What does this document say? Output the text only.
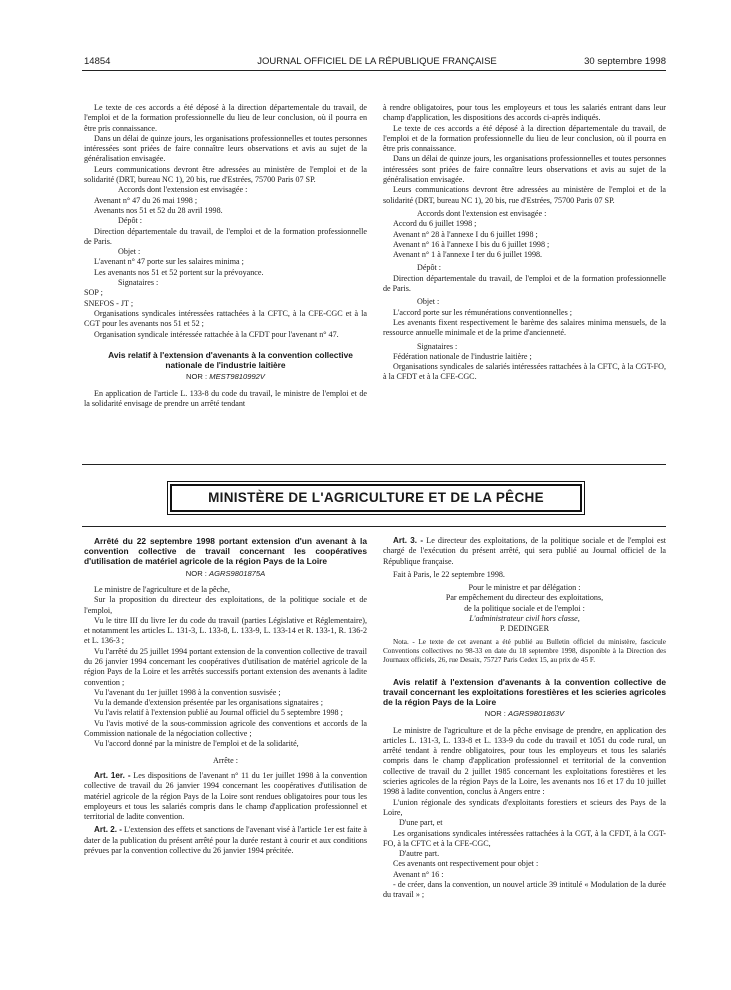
14854	JOURNAL OFFICIEL DE LA RÉPUBLIQUE FRANÇAISE	30 septembre 1998

Le texte de ces accords a été déposé à la direction départementale du travail, de l'emploi et de la formation professionnelle du lieu de leur conclusion, où il pourra en être pris connaissance.

Dans un délai de quinze jours, les organisations professionnelles et toutes personnes intéressées sont priées de faire connaître leurs observations et avis au sujet de la généralisation envisagée.

Leurs communications devront être adressées au ministère de l'emploi et de la solidarité (DRT, bureau NC 1), 20 bis, rue d'Estrées, 75700 Paris 07 SP.

Accords dont l'extension est envisagée :

Avenant n° 47 du 26 mai 1998 ;

Avenants nos 51 et 52 du 28 avril 1998.

Dépôt :

Direction départementale du travail, de l'emploi et de la formation professionnelle de Paris.

Objet :

L'avenant n° 47 porte sur les salaires minima ;

Les avenants nos 51 et 52 portent sur la prévoyance.

Signataires :

SOP ;

SNEFOS - JT ;

Organisations syndicales intéressées rattachées à la CFTC, à la CFE-CGC et à la CGT pour les avenants nos 51 et 52 ;

Organisation syndicale intéressée rattachée à la CFDT pour l'avenant n° 47.

Avis relatif à l'extension d'avenants à la convention collective nationale de l'industrie laitière

NOR : MESТ9810992V

En application de l'article L. 133-8 du code du travail, le ministre de l'emploi et de la solidarité envisage de prendre un arrêté tendant

à rendre obligatoires, pour tous les employeurs et tous les salariés entrant dans leur champ d'application, les dispositions des accords ci-après indiqués.

Le texte de ces accords a été déposé à la direction départementale du travail, de l'emploi et de la formation professionnelle du lieu de leur conclusion, où il pourra en être pris connaissance.

Dans un délai de quinze jours, les organisations professionnelles et toutes personnes intéressées sont priées de faire connaître leurs observations et avis au sujet de la généralisation envisagée.

Leurs communications devront être adressées au ministère de l'emploi et de la solidarité (DRT, bureau NC 1), 20 bis, rue d'Estrées, 75700 Paris 07 SP.

Accords dont l'extension est envisagée :

Accord du 6 juillet 1998 ;

Avenant n° 28 à l'annexe I du 6 juillet 1998 ;

Avenant n° 16 à l'annexe I bis du 6 juillet 1998 ;

Avenant n° 1 à l'annexe I ter du 6 juillet 1998.

Dépôt :

Direction départementale du travail, de l'emploi et de la formation professionnelle de Paris.

Objet :

L'accord porte sur les rémunérations conventionnelles ;

Les avenants fixent respectivement le barème des salaires minima mensuels, de la ressource annuelle minimale et de la prime d'ancienneté.

Signataires :

Fédération nationale de l'industrie laitière ;

Organisations syndicales de salariés intéressées rattachées à la CFTC, à la CGT-FO, à la CFDT et à la CFE-CGC.

MINISTÈRE DE L'AGRICULTURE ET DE LA PÊCHE

Arrêté du 22 septembre 1998 portant extension d'un avenant à la convention collective de travail concernant les coopératives d'utilisation de matériel agricole de la région Pays de la Loire

NOR : AGRS9801875A

Le ministre de l'agriculture et de la pêche,

Sur la proposition du directeur des exploitations, de la politique sociale et de l'emploi,

Vu le titre III du livre Ier du code du travail (parties Législative et Réglementaire), et notamment les articles L. 131-3, L. 133-8, L. 133-9, L. 133-14 et R. 133-1, R. 136-2 et L. 136-3 ;

Vu l'arrêté du 25 juillet 1994 portant extension de la convention collective de travail du 26 janvier 1994 concernant les coopératives d'utilisation de matériel agricole de la région Pays de la Loire et les arrêtés successifs portant extension des avenants à ladite convention ;

Vu l'avenant du 1er juillet 1998 à la convention susvisée ;

Vu la demande d'extension présentée par les organisations signataires ;

Vu l'avis relatif à l'extension publié au Journal officiel du 5 septembre 1998 ;

Vu l'avis motivé de la sous-commission agricole des conventions et accords de la Commission nationale de la négociation collective ;

Vu l'accord donné par la ministre de l'emploi et de la solidarité,

Arrête :

Art. 1er. - Les dispositions de l'avenant n° 11 du 1er juillet 1998 à la convention collective de travail du 26 janvier 1994 concernant les coopératives d'utilisation de matériel agricole de la région Pays de la Loire sont rendues obligatoires pour tous les employeurs et tous les salariés compris dans le champ d'application professionnel et territorial de ladite convention.

Art. 2. - L'extension des effets et sanctions de l'avenant visé à l'article 1er est faite à dater de la publication du présent arrêté pour la durée restant à courir et aux conditions prévues par la convention collective du 26 janvier 1994 précitée.

Art. 3. - Le directeur des exploitations, de la politique sociale et de l'emploi est chargé de l'exécution du présent arrêté, qui sera publié au Journal officiel de la République française.

Fait à Paris, le 22 septembre 1998.

Pour le ministre et par délégation :

Par empêchement du directeur des exploitations,

de la politique sociale et de l'emploi :

L'administrateur civil hors classe,

P. DEDINGER

Nota. - Le texte de cet avenant a été publié au Bulletin officiel du ministère, fascicule Conventions collectives no 98-33 en date du 18 septembre 1998, disponible à la Direction des Journaux officiels, 26, rue Desaix, 75727 Paris Cedex 15, au prix de 45 F.

Avis relatif à l'extension d'avenants à la convention collective de travail concernant les exploitations forestières et les scieries agricoles de la région Pays de la Loire

NOR : AGRS9801863V

Le ministre de l'agriculture et de la pêche envisage de prendre, en application des articles L. 131-3, L. 133-8 et L. 133-9 du code du travail et 1051 du code rural, un arrêté tendant à rendre obligatoires, pour tous les employeurs et tous les salariés compris dans le champ d'application professionnel et territorial de la convention collective de travail du 2 juillet 1985 concernant les exploitations forestières et les scieries agricoles de la région Pays de la Loire, les avenants nos 16 et 17 du 10 juillet 1998 à ladite convention, conclus à Angers entre :

L'union régionale des syndicats d'exploitants forestiers et scieurs des Pays de la Loire,

D'une part, et

Les organisations syndicales intéressées rattachées à la CGT, à la CFDT, à la CGT-FO, à la CFTC et à la CFE-CGC,

D'autre part.

Ces avenants ont respectivement pour objet :

Avenant n° 16 :

- de créer, dans la convention, un nouvel article 39 intitulé « Modulation de la durée du travail » ;
